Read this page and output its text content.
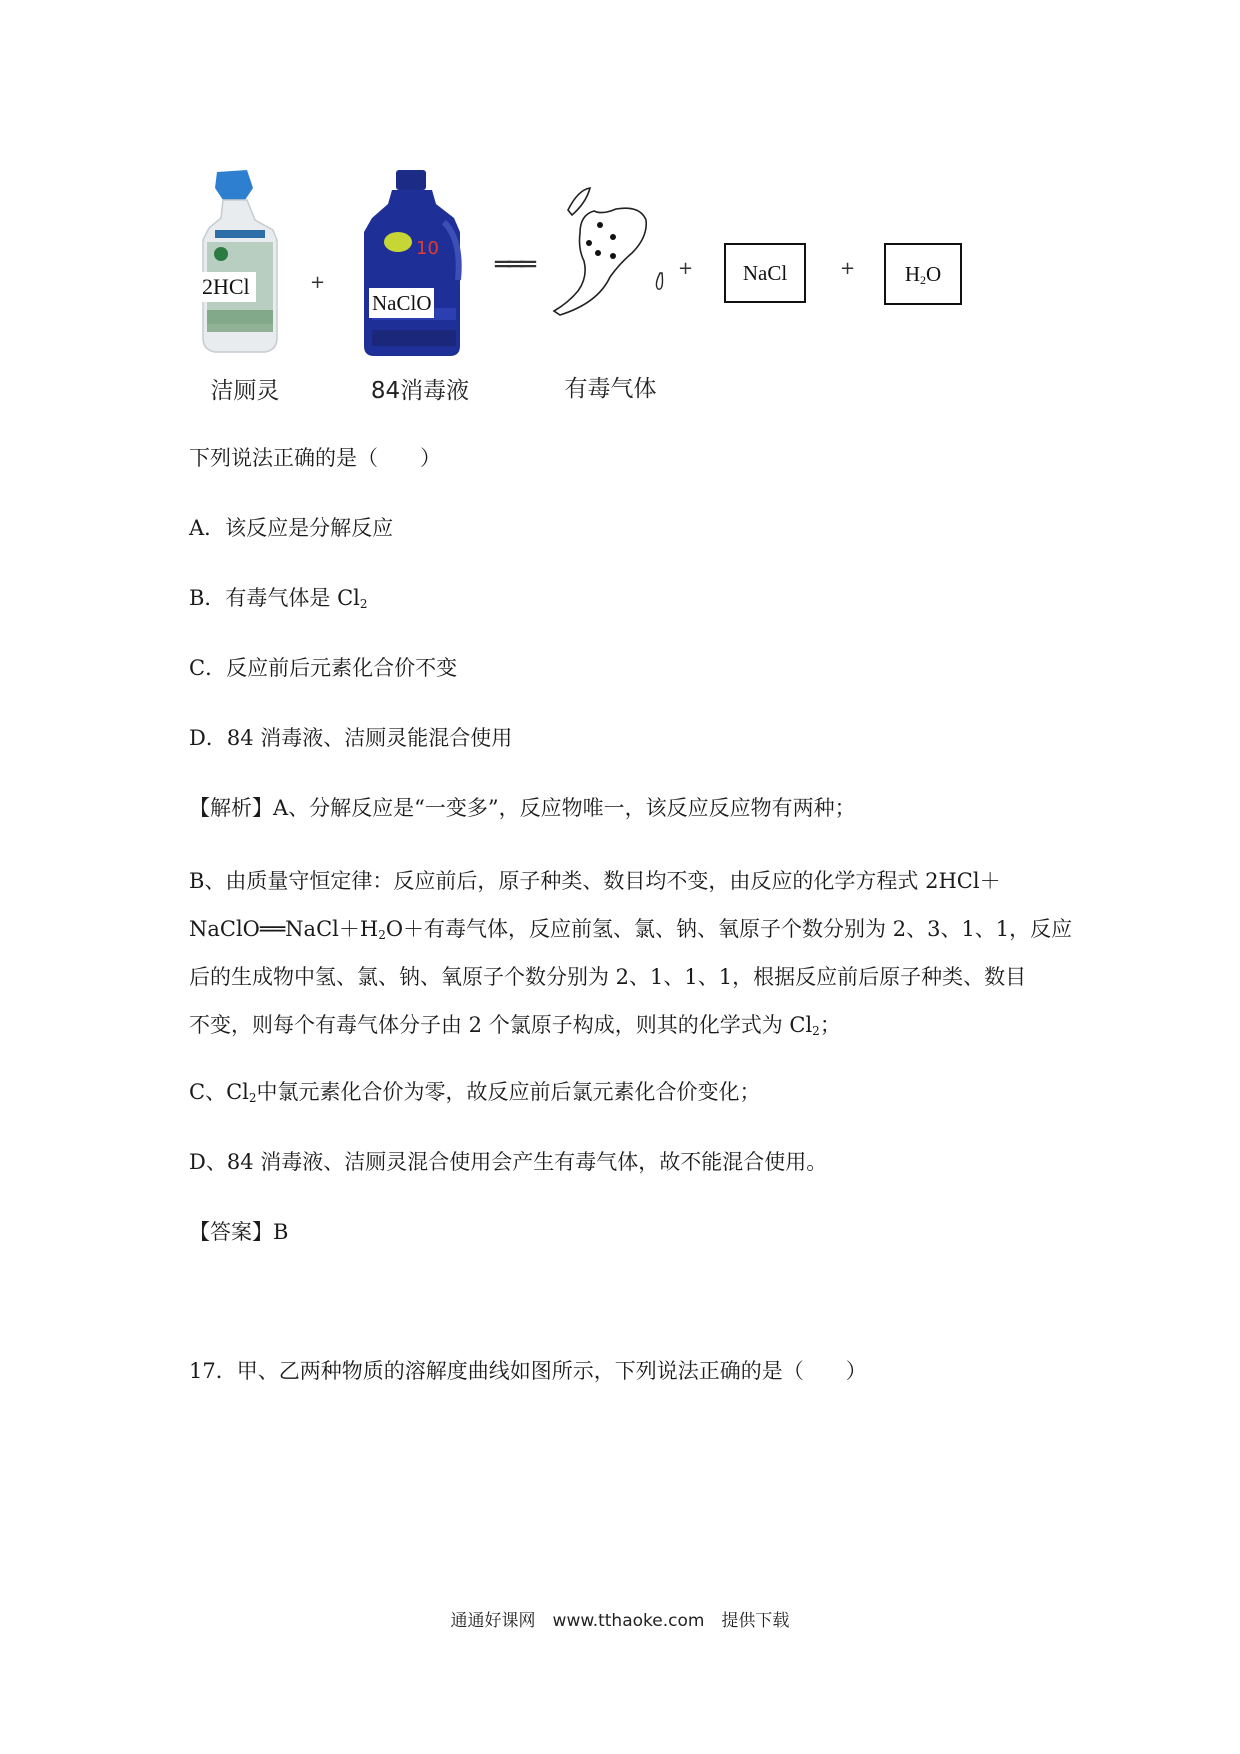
2HCl	+
10
NaClO
═══	+ NaCl	+ $H_2O$
洁厕灵	84消毒液	有毒气体
下列说法正确的是（　　）
A．该反应是分解反应
B．有毒气体是 $Cl_2$
C．反应前后元素化合价不变
D．84 消毒液、洁厕灵能混合使用
【解析】A、分解反应是“一变多”，反应物唯一，该反应反应物有两种；

B、由质量守恒定律：反应前后，原子种类、数目均不变，由反应的化学方程式 2HCl＋

$NaClO══NaCl+H_2O+$有毒气体，反应前氢、氯、钠、氧原子个数分别为 2、3、1、1，反应

后的生成物中氢、氯、钠、氧原子个数分别为 2、1、1、1，根据反应前后原子种类、数目

不变，则每个有毒气体分子由 2 个氯原子构成，则其的化学式为 $Cl_2$；

C、$Cl_2$中氯元素化合价为零，故反应前后氯元素化合价变化；
D、84 消毒液、洁厕灵混合使用会产生有毒气体，故不能混合使用。
【答案】B
17．甲、乙两种物质的溶解度曲线如图所示，下列说法正确的是（　　）
通通好课网　www.tthaoke.com　提供下载
